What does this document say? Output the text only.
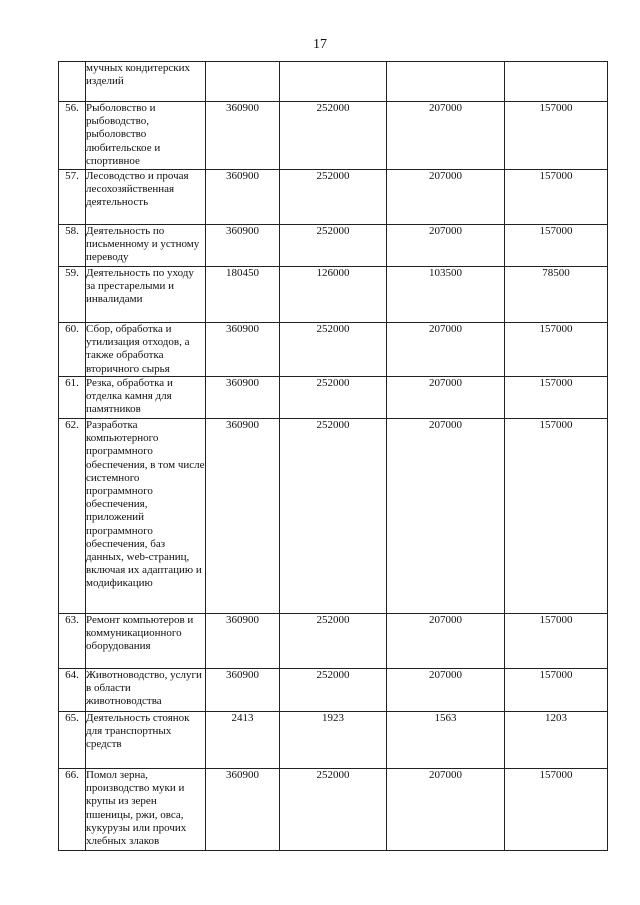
17
	мучных кондитерских изделий				
56.	Рыболовство и рыбоводство, рыболовство любительское и спортивное	360900	252000	207000	157000
57.	Лесоводство и прочая лесохозяйственная деятельность	360900	252000	207000	157000
58.	Деятельность по письменному и устному переводу	360900	252000	207000	157000
59.	Деятельность по уходу за престарелыми и инвалидами	180450	126000	103500	78500
60.	Сбор, обработка и утилизация отходов, а также обработка вторичного сырья	360900	252000	207000	157000
61.	Резка, обработка и отделка камня для памятников	360900	252000	207000	157000
62.	Разработка компьютерного программного обеспечения, в том числе системного программного обеспечения, приложений программного обеспечения, баз данных, web-страниц, включая их адаптацию и модификацию	360900	252000	207000	157000
63.	Ремонт компьютеров и коммуникационного оборудования	360900	252000	207000	157000
64.	Животноводство, услуги в области животноводства	360900	252000	207000	157000
65.	Деятельность стоянок для транспортных средств	2413	1923	1563	1203
66.	Помол зерна, производство муки и крупы из зерен пшеницы, ржи, овса, кукурузы или прочих хлебных злаков	360900	252000	207000	157000
